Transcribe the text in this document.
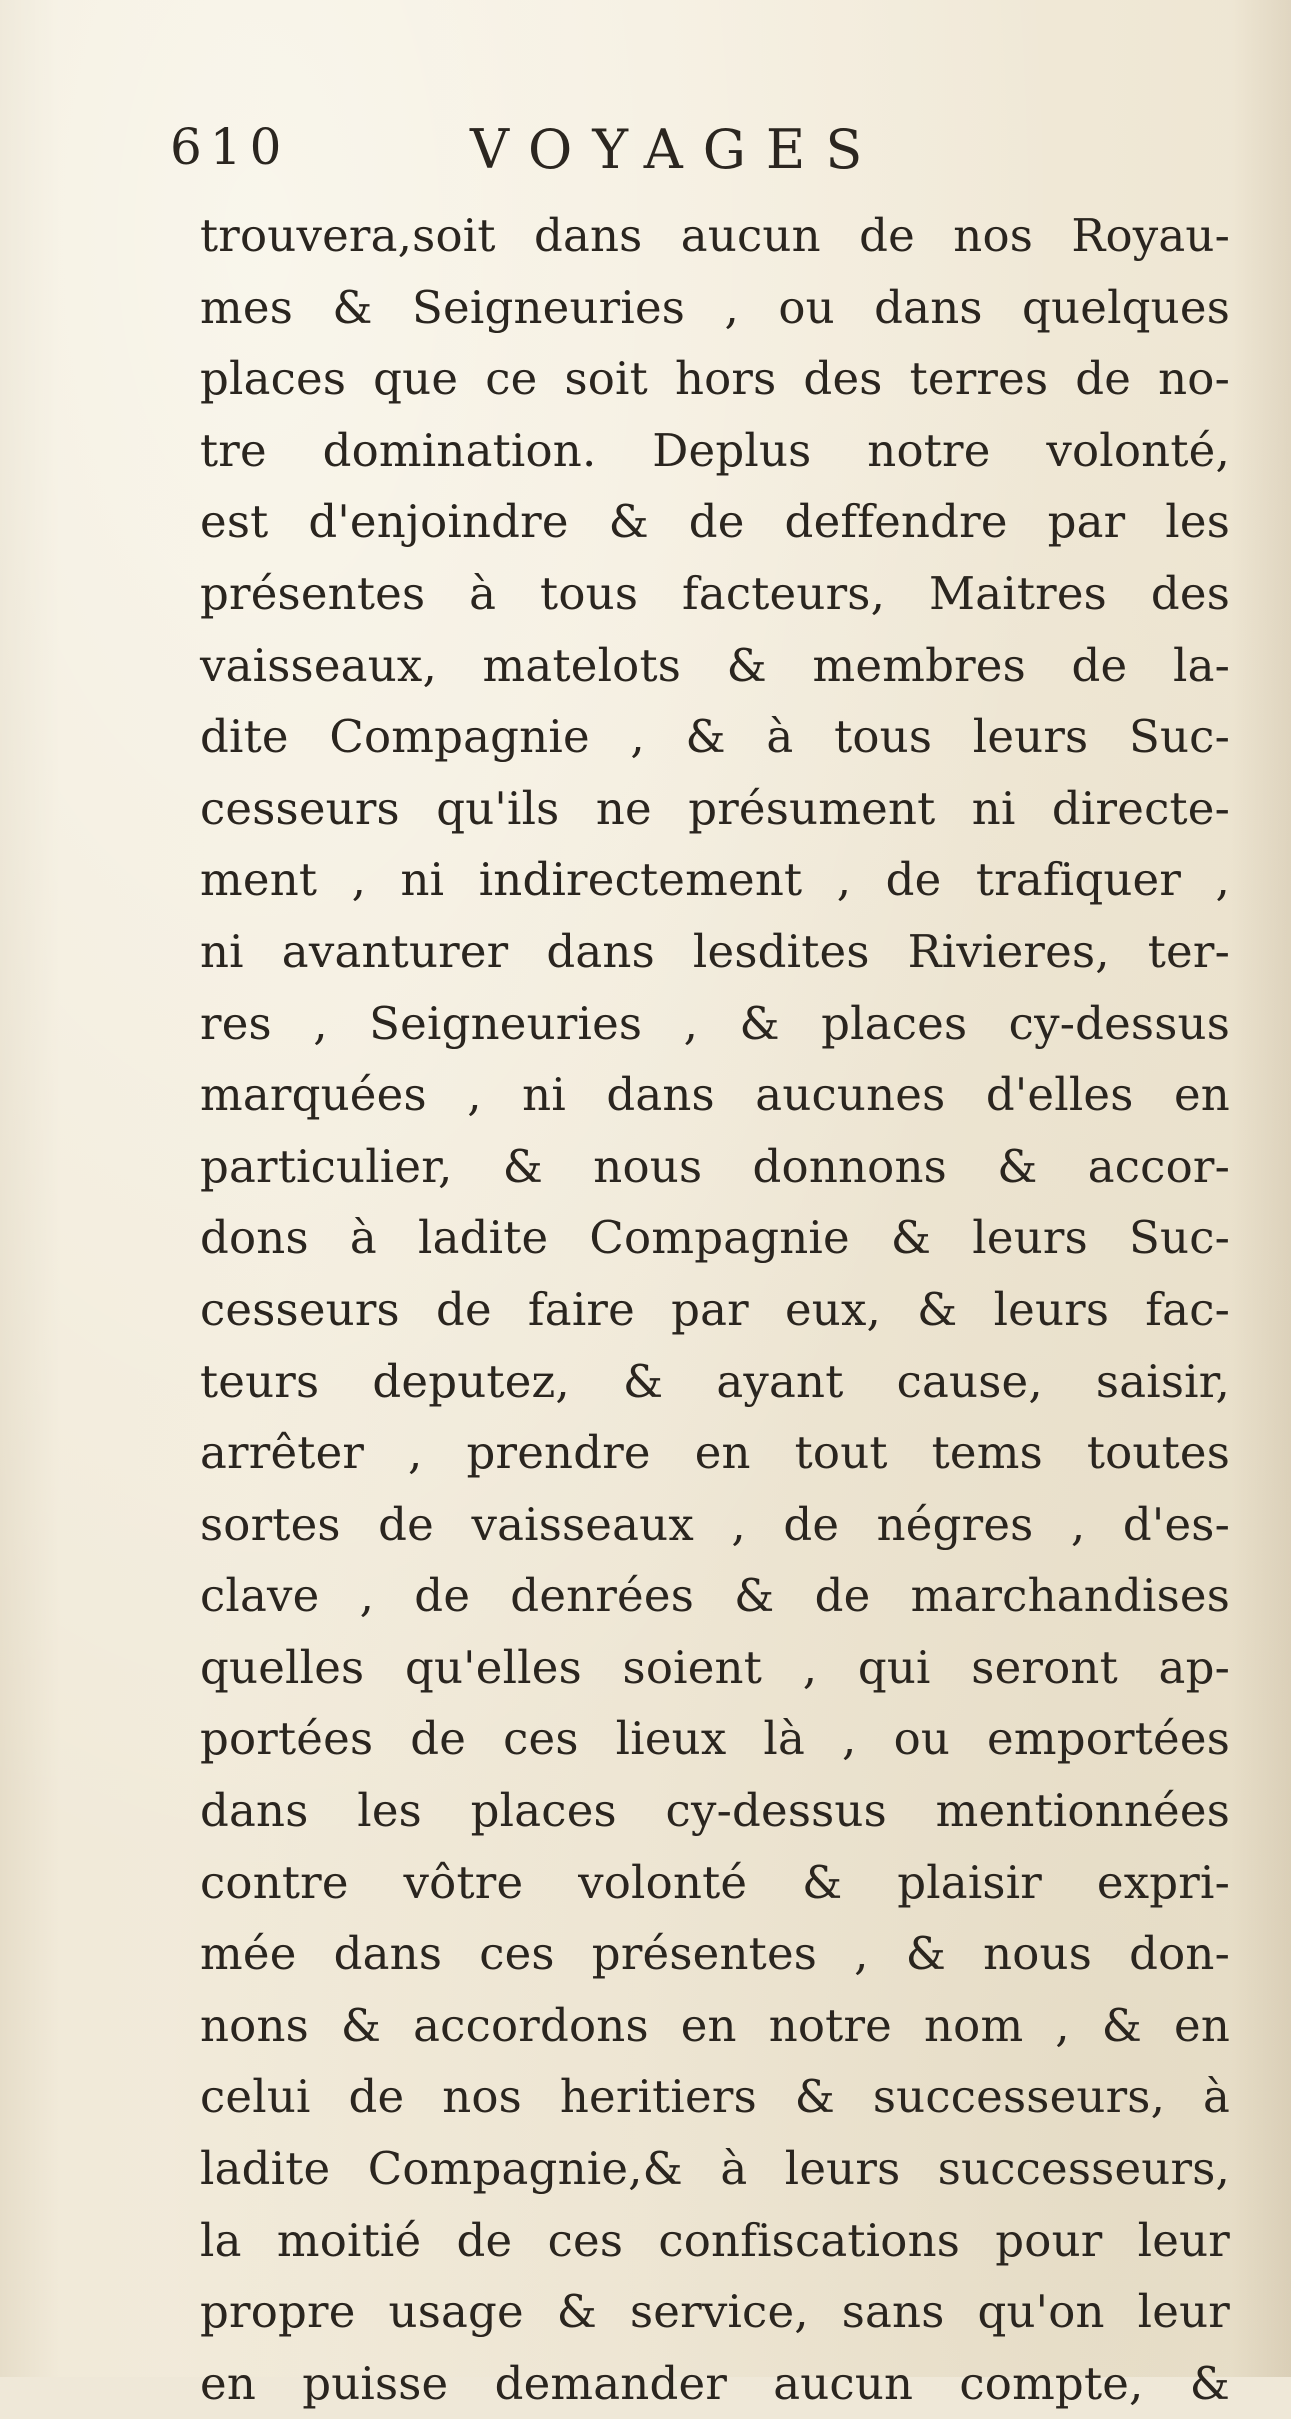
610	VOYAGES
trouvera,soit dans aucun de nos Royau-
mes & Seigneuries , ou dans quelques
places que ce soit hors des terres de no-
tre domination. Deplus notre volonté,
est d'enjoindre & de deffendre par les
présentes à tous facteurs, Maitres des
vaisseaux, matelots & membres de la-
dite Compagnie , & à tous leurs Suc-
cesseurs qu'ils ne présument ni directe-
ment , ni indirectement , de trafiquer ,
ni avanturer dans lesdites Rivieres, ter-
res , Seigneuries , & places cy-dessus
marquées , ni dans aucunes d'elles en
particulier, & nous donnons & accor-
dons à ladite Compagnie & leurs Suc-
cesseurs de faire par eux, & leurs fac-
teurs deputez, & ayant cause, saisir,
arrêter , prendre en tout tems toutes
sortes de vaisseaux , de négres , d'es-
clave , de denrées & de marchandises
quelles qu'elles soient , qui seront ap-
portées de ces lieux là , ou emportées
dans les places cy-dessus mentionnées
contre vôtre volonté & plaisir expri-
mée dans ces présentes , & nous don-
nons & accordons en notre nom , & en
celui de nos heritiers & successeurs, à
ladite Compagnie,& à leurs successeurs,
la moitié de ces confiscations pour leur
propre usage & service, sans qu'on leur
en puisse demander aucun compte, &
